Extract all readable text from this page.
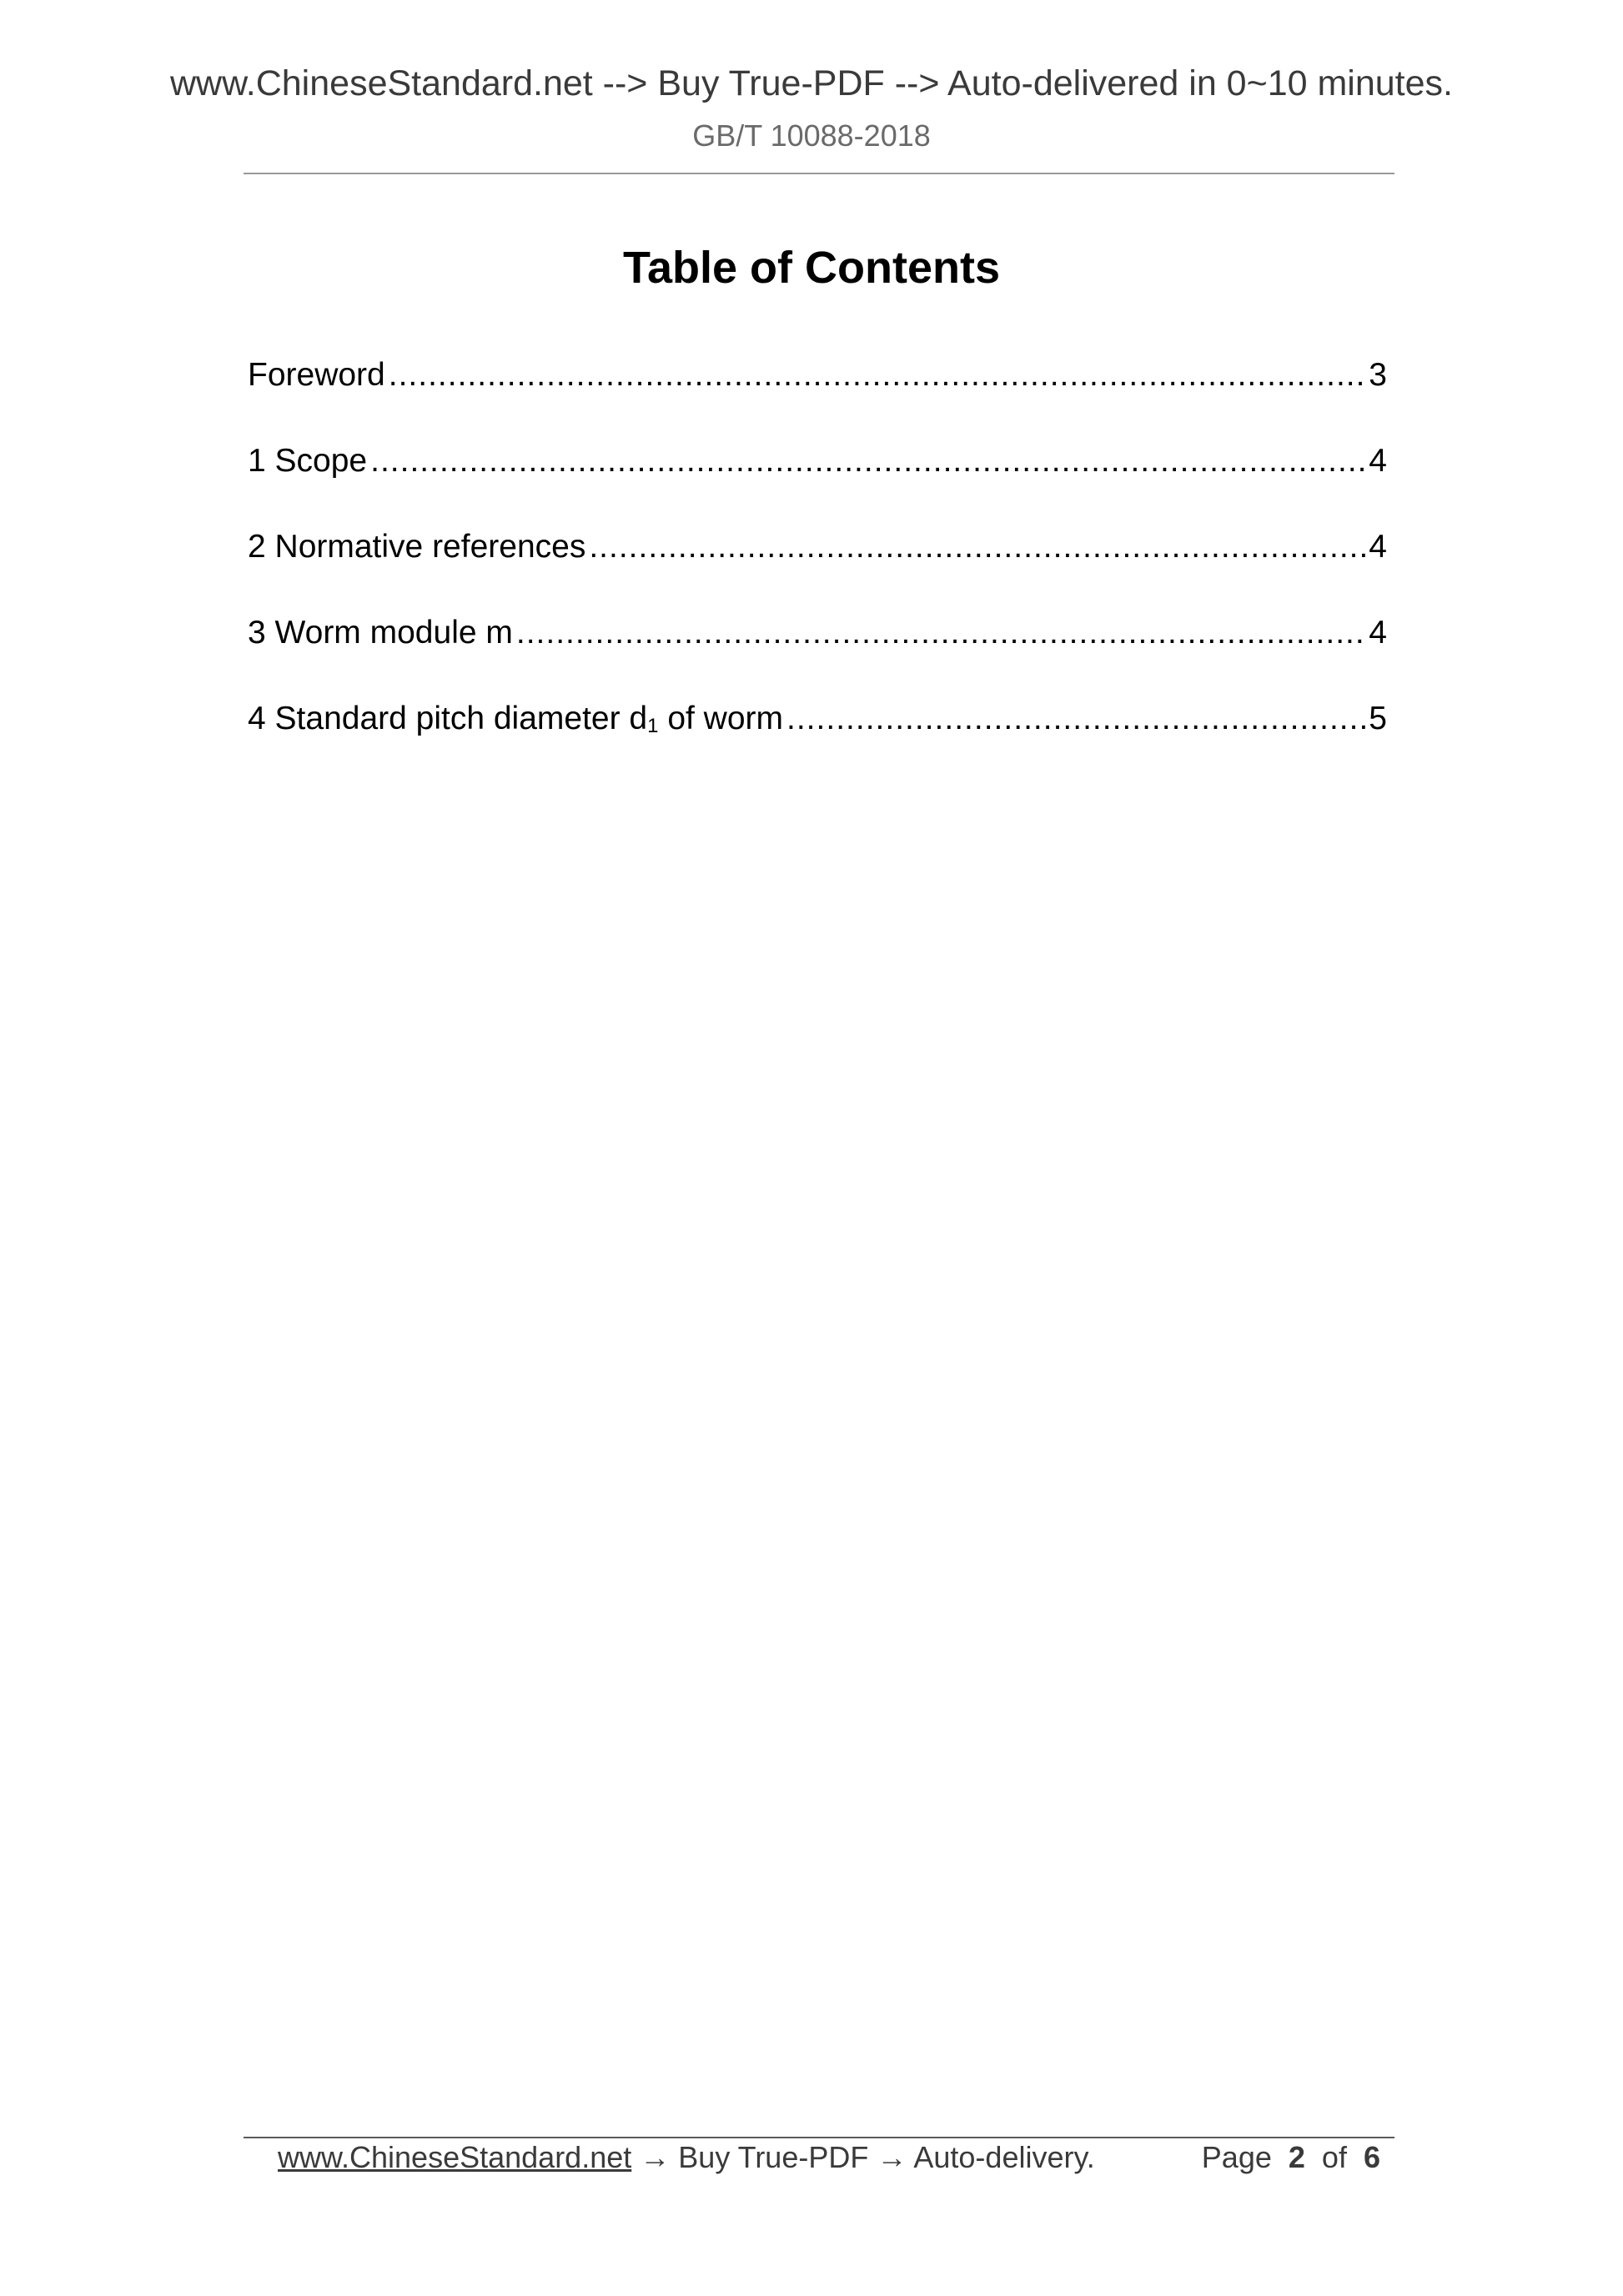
www.ChineseStandard.net --> Buy True-PDF --> Auto-delivered in 0~10 minutes.
GB/T 10088-2018
Table of Contents
Foreword .....	3
1 Scope .....	4
2 Normative references .....	4
3 Worm module m .....	4
4 Standard pitch diameter $d_1$ of worm .....	5
www.ChineseStandard.net → Buy True-PDF → Auto-delivery.	Page 2 of 6
